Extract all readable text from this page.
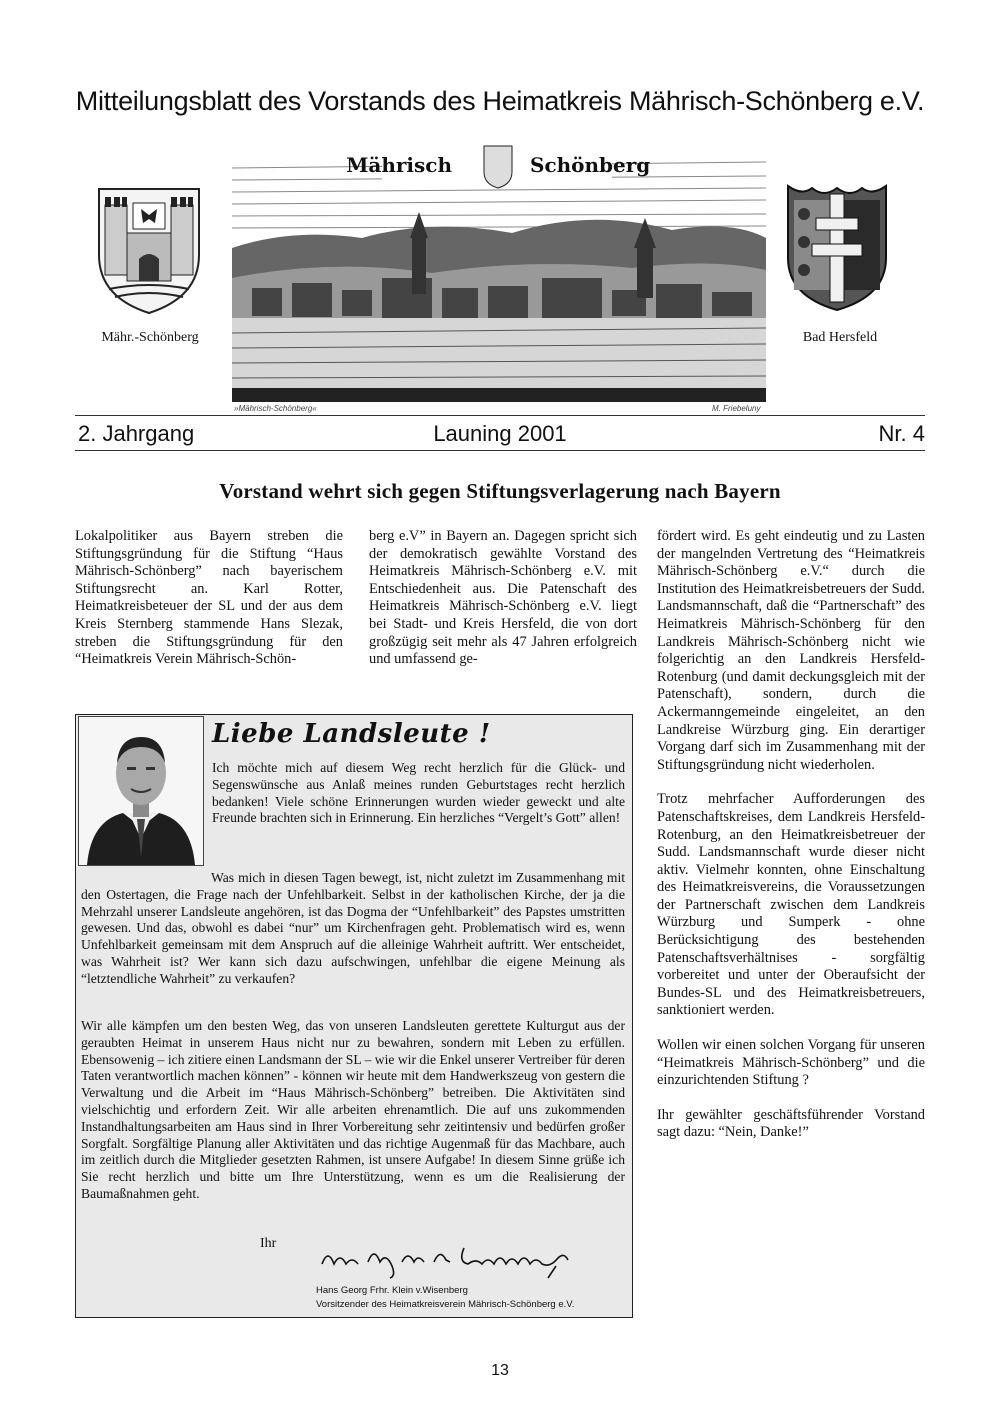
Mitteilungsblatt des Vorstands des Heimatkreis Mährisch-Schönberg e.V.
Mähr.-Schönberg
Mährisch	Schönberg
»Mährisch-Schönberg«	M. Friebeluny
Bad Hersfeld
2. Jahrgang	Launing 2001	Nr. 4
Vorstand wehrt sich gegen Stiftungsverlagerung nach Bayern

Lokalpolitiker aus Bayern streben die Stiftungsgründung für die Stiftung “Haus Mährisch-Schönberg” nach bayerischem Stiftungsrecht an. Karl Rotter, Heimatkreisbeteuer der SL und der aus dem Kreis Sternberg stammende Hans Slezak, streben die Stiftungsgründung für den “Heimatkreis Verein Mährisch-Schön-

berg e.V” in Bayern an. Dagegen spricht sich der demokratisch gewählte Vorstand des Heimatkreis Mährisch-Schönberg e.V. mit Entschiedenheit aus. Die Patenschaft des Heimatkreis Mährisch-Schönberg e.V. liegt bei Stadt- und Kreis Hersfeld, die von dort großzügig seit mehr als 47 Jahren erfolgreich und umfassend ge-

fördert wird. Es geht eindeutig und zu Lasten der mangelnden Vertretung des “Heimatkreis Mährisch-Schönberg e.V.“ durch die Institution des Heimatkreisbetreuers der Sudd. Landsmannschaft, daß die “Partnerschaft” des Heimatkreis Mährisch-Schönberg für den Landkreis Mährisch-Schönberg nicht wie folgerichtig an den Landkreis Hersfeld-Rotenburg (und damit deckungsgleich mit der Patenschaft), sondern, durch die Ackermanngemeinde eingeleitet, an den Landkreise Würzburg ging. Ein derartiger Vorgang darf sich im Zusammenhang mit der Stiftungsgründung nicht wiederholen.

Trotz mehrfacher Aufforderungen des Patenschaftskreises, dem Landkreis Hersfeld-Rotenburg, an den Heimatkreisbetreuer der Sudd. Landsmannschaft wurde dieser nicht aktiv. Vielmehr konnten, ohne Einschaltung des Heimatkreisvereins, die Voraussetzungen der Partnerschaft zwischen dem Landkreis Würzburg und Sumperk - ohne Berücksichtigung des bestehenden Patenschaftsverhältnises - sorgfältig vorbereitet und unter der Oberaufsicht der Bundes-SL und des Heimatkreisbetreuers, sanktioniert werden.

Wollen wir einen solchen Vorgang für unseren “Heimatkreis Mährisch-Schönberg” und die einzurichtenden Stiftung ?

Ihr gewählter geschäftsführender Vorstand sagt dazu: “Nein, Danke!”

Liebe Landsleute !
Ich möchte mich auf diesem Weg recht herzlich für die Glück- und Segenswünsche aus Anlaß meines runden Geburtstages recht herzlich bedanken! Viele schöne Erinnerungen wurden wieder geweckt und alte Freunde brachten sich in Erinnerung. Ein herzliches “Vergelt’s Gott” allen!

Was mich in diesen Tagen bewegt, ist, nicht zuletzt im Zusammenhang mit den Ostertagen, die Frage nach der Unfehlbarkeit. Selbst in der katholischen Kirche, der ja die Mehrzahl unserer Landsleute angehören, ist das Dogma der “Unfehlbarkeit” des Papstes umstritten gewesen. Und das, obwohl es dabei “nur” um Kirchenfragen geht. Problematisch wird es, wenn Unfehlbarkeit gemeinsam mit dem Anspruch auf die alleinige Wahrheit auftritt. Wer entscheidet, was Wahrheit ist? Wer kann sich dazu aufschwingen, unfehlbar die eigene Meinung als “letztendliche Wahrheit” zu verkaufen?

Wir alle kämpfen um den besten Weg, das von unseren Landsleuten gerettete Kulturgut aus der geraubten Heimat in unserem Haus nicht nur zu bewahren, sondern mit Leben zu erfüllen. Ebensowenig – ich zitiere einen Landsmann der SL – wie wir die Enkel unserer Vertreiber für deren Taten verantwortlich machen können” - können wir heute mit dem Handwerkszeug von gestern die Verwaltung und die Arbeit im “Haus Mährisch-Schönberg” betreiben. Die Aktivitäten sind vielschichtig und erfordern Zeit. Wir alle arbeiten ehrenamtlich. Die auf uns zukommenden Instandhaltungsarbeiten am Haus sind in Ihrer Vorbereitung sehr zeitintensiv und bedürfen großer Sorgfalt. Sorgfältige Planung aller Aktivitäten und das richtige Augenmaß für das Machbare, auch im zeitlich durch die Mitglieder gesetzten Rahmen, ist unsere Aufgabe! In diesem Sinne grüße ich Sie recht herzlich und bitte um Ihre Unterstützung, wenn es um die Realisierung der Baumaßnahmen geht.

Ihr
Hans Georg Frhr. Klein v.Wisenberg
Vorsitzender des Heimatkreisverein Mährisch-Schönberg e.V.
13
